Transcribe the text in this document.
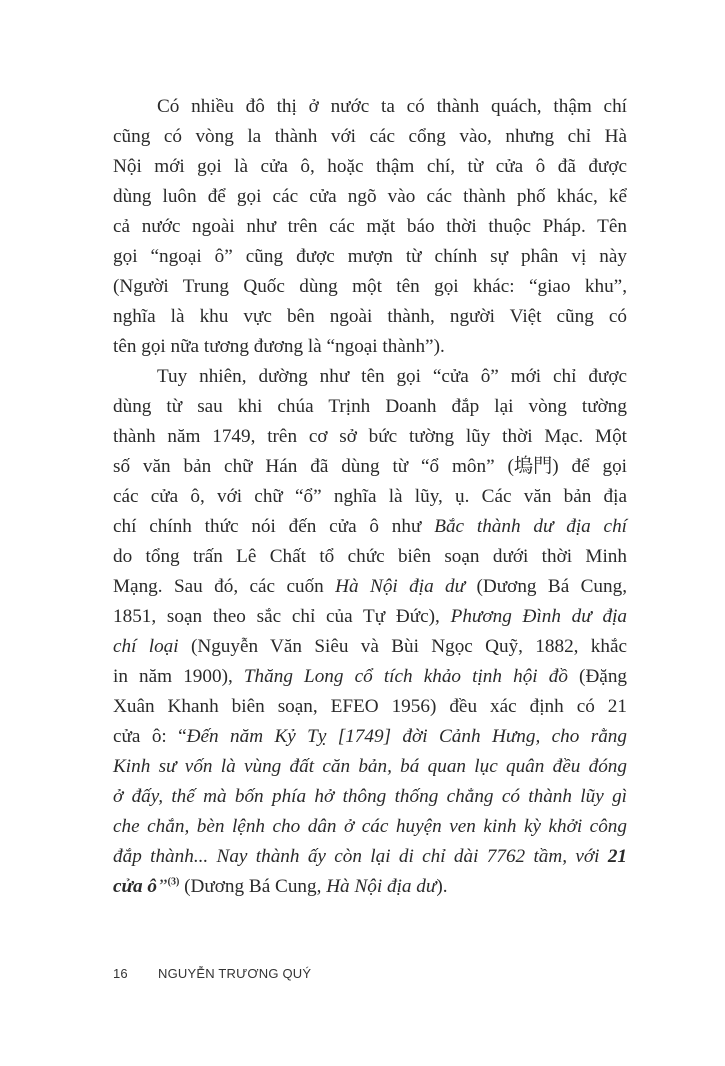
Có nhiều đô thị ở nước ta có thành quách, thậm chí
cũng có vòng la thành với các cổng vào, nhưng chỉ Hà
Nội mới gọi là cửa ô, hoặc thậm chí, từ cửa ô đã được
dùng luôn để gọi các cửa ngõ vào các thành phố khác, kể
cả nước ngoài như trên các mặt báo thời thuộc Pháp. Tên
gọi “ngoại ô” cũng được mượn từ chính sự phân vị này
(Người Trung Quốc dùng một tên gọi khác: “giao khu”,
nghĩa là khu vực bên ngoài thành, người Việt cũng có
tên gọi nữa tương đương là “ngoại thành”).
Tuy nhiên, dường như tên gọi “cửa ô” mới chỉ được
dùng từ sau khi chúa Trịnh Doanh đắp lại vòng tường
thành năm 1749, trên cơ sở bức tường lũy thời Mạc. Một
số văn bản chữ Hán đã dùng từ “ổ môn” (塢門) để gọi
các cửa ô, với chữ “ổ” nghĩa là lũy, ụ. Các văn bản địa
chí chính thức nói đến cửa ô như Bắc thành dư địa chí
do tổng trấn Lê Chất tổ chức biên soạn dưới thời Minh
Mạng. Sau đó, các cuốn Hà Nội địa dư (Dương Bá Cung,
1851, soạn theo sắc chỉ của Tự Đức), Phương Đình dư địa
chí loại (Nguyễn Văn Siêu và Bùi Ngọc Quỹ, 1882, khắc
in năm 1900), Thăng Long cổ tích khảo tịnh hội đồ (Đặng
Xuân Khanh biên soạn, EFEO 1956) đều xác định có 21
cửa ô: “Đến năm Kỷ Tỵ [1749] đời Cảnh Hưng, cho rằng
Kinh sư vốn là vùng đất căn bản, bá quan lục quân đều đóng
ở đấy, thế mà bốn phía hở thông thống chẳng có thành lũy gì
che chắn, bèn lệnh cho dân ở các huyện ven kinh kỳ khởi công
đắp thành... Nay thành ấy còn lại di chỉ dài 7762 tầm, với 21
cửa ô”$^{(3)}$ (Dương Bá Cung, Hà Nội địa dư).
16 NGUYỄN TRƯƠNG QUÝ
